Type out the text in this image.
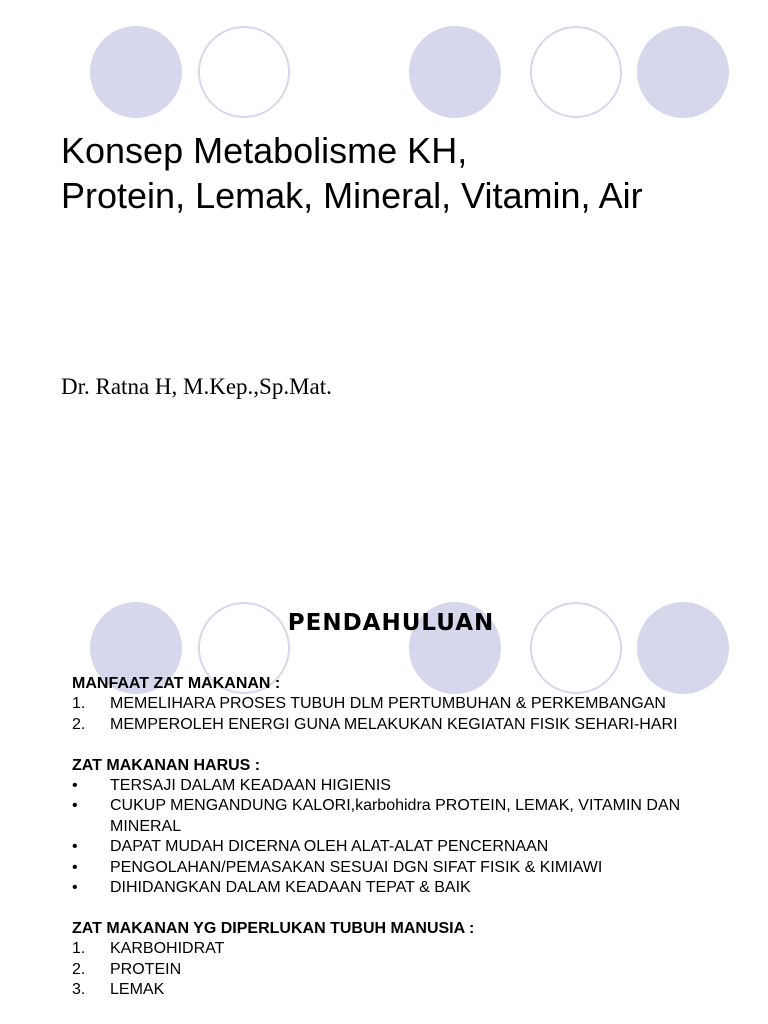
Konsep Metabolisme KH,
Protein, Lemak, Mineral, Vitamin, Air
Dr. Ratna H, M.Kep.,Sp.Mat.
PENDAHULUAN
MANFAAT ZAT MAKANAN :
1. MEMELIHARA PROSES TUBUH DLM PERTUMBUHAN & PERKEMBANGAN
2. MEMPEROLEH ENERGI GUNA MELAKUKAN KEGIATAN FISIK SEHARI-HARI
ZAT MAKANAN HARUS :
• TERSAJI DALAM KEADAAN HIGIENIS
• CUKUP MENGANDUNG KALORI,karbohidra PROTEIN, LEMAK, VITAMIN DAN MINERAL
• DAPAT MUDAH DICERNA OLEH ALAT-ALAT PENCERNAAN
• PENGOLAHAN/PEMASAKAN SESUAI DGN SIFAT FISIK & KIMIAWI
• DIHIDANGKAN DALAM KEADAAN TEPAT & BAIK
ZAT MAKANAN YG DIPERLUKAN TUBUH MANUSIA :
1. KARBOHIDRAT
2. PROTEIN
3. LEMAK
